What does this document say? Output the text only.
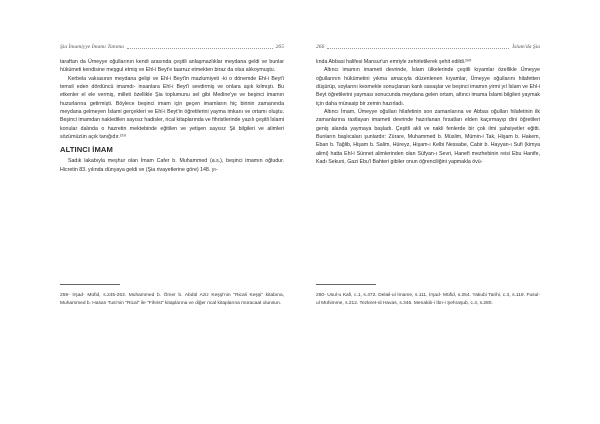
Şia İmamiyye İmamı Tanıma	265

taraftan da Ümeyye oğullarının kendi arasında çeşitli anlaşmazlıklar meydana geldi ve bunlar hükümeti kendisine meşgul etmiş ve Ehl-i Beyt'e taarruz etmekten biraz da olsa alıkoymuştu.

Kerbela vakıasının meydana gelişi ve Ehl-i Beyt'in mazlumiyeti -ki o dönemde Ehl-i Beyt'i temsil eden dördüncü imamdı- insanlara Ehl-i Beyt'i sevdirmiş ve onlara aşık kılmıştı. Bu etkenler el ele vermiş, milleti özellikle Şia toplumunu sel gibi Medine'ye ve beşinci imamın huzurlarına getirmişti. Böylece beşinci imam için geçen imamların hiç birinin zamanında meydana gelmeyen İslami gerçekleri ve Ehl-i Beyt'in öğretilerini yayma imkanı ve ortamı oluştu. Beşinci imamdan nakledilen sayısız hadisler, rical kitaplarında ve fihristlerinde yazılı çeşitli İslami konular dalında o hazretin mektebinde eğitilen ve yetişen sayısız Şii bilgileri ve alimleri sözümüzün açık tanığıdır.²⁵⁹

ALTINCI İMAM

Sadık lakabıyla meşhur olan İmam Cafer b. Muhammed (a.s.), beşinci imamın oğludur. Hicretin 83. yılında dünyaya geldi ve (Şia rivayetlerine göre) 148. yı-

259- İrşad- Müfid, s.245-253. Muhammed b. Ömer b. Abdül Aziz Keşşi'nin "Ricali Keşşi" kitabına, Muhammed b. Hasan Tusi'nin "Rical" ile "Fihrist" kitaplarına ve diğer rical kitaplarına müracaat olunsun.
266	İslam'da Şia

lında Abbasi halifesi Mansur'un emriyle zehirletilerek şehit edildi.²⁶⁰

Altıncı imamın imameti devrinde, İslam ülkelerinde çeşitli kıyamlar özellikle Ümeyye oğullarının hükümetini yıkma amacıyla düzenlenen kıyamlar, Ümeyye oğullarını hilafetten düşürüp, soylarını kesmekle sonuçlanan kanlı savaşlar ve beşinci imamın yirmi yıl İslam ve Ehl-i Beyt öğretilerini yayması sonucunda meydana gelen ortam, altıncı imama İslami bilgileri yaymak için daha münasip bir zemin hazırladı.

Altıncı İmam, Ümeyye oğulları hilafetinin son zamanlarına ve Abbas oğulları hilafetinin ilk zamanlarına rastlayan imameti devrinde hazırlanan fırsatları elden kaçırmayıp dini öğretileri geniş alanda yaymaya başladı. Çeşitli akli ve nakli fenlerde bir çok ilmi şahsiyetler eğitti. Bunların başlıcaları şunlardır: Zürare, Muhammed b. Müslim, Mümin-i Tak, Hişam b. Hakem, Eban b. Tağlib, Hişam b. Salim, Hüreyz, Hişam-ı Kelbi Nessabe, Cabir b. Hayyan-ı Sufi (kimya alimi) hatta Ehl-i Sünnet alimlerinden olan Süfyan-ı Sevri, Hanefi mezhebinin reisi Ebu Hanife, Kadı Sekuni, Gazi Ebu'l Bahteri gibiler onun öğrenciliğini yapmakla övü-

260- Usul-u Kafi, c.1, s.472. Delail-ul İmame, s.111. İrşad- Müfid, s.254. Yakubi Tarihi, c.3, s.119. Fusul-ul Mühimme, s.212. Tezkiret-ül Havas, s.346. Menakib-i İbn-i Şehraşub, c.4, s.280.
